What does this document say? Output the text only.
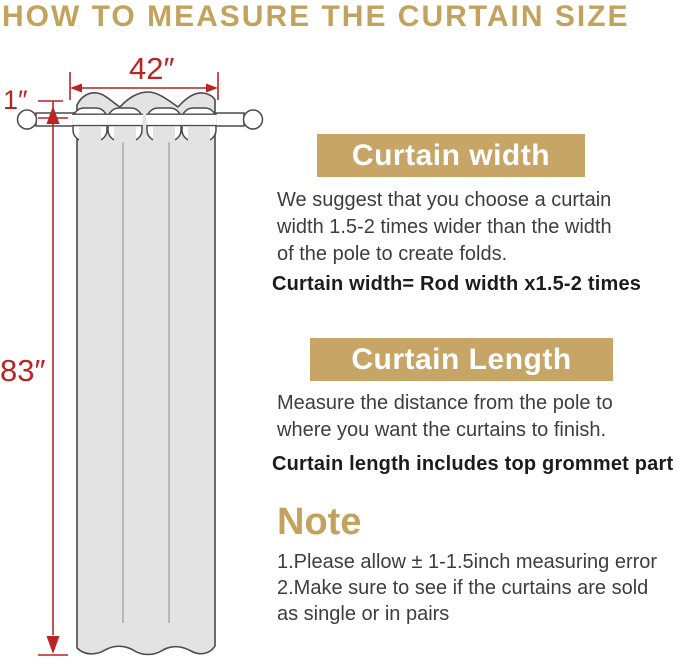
HOW TO MEASURE THE CURTAIN SIZE
42″
1″
83″
Curtain width
We suggest that you choose a curtain
width 1.5-2 times wider than the width
of the pole to create folds.
Curtain width= Rod width x1.5-2 times
Curtain Length
Measure the distance from the pole to
where you want the curtains to finish.
Curtain length includes top grommet part
Note
1.Please allow ± 1-1.5inch measuring error
2.Make sure to see if the curtains are sold
as single or in pairs
